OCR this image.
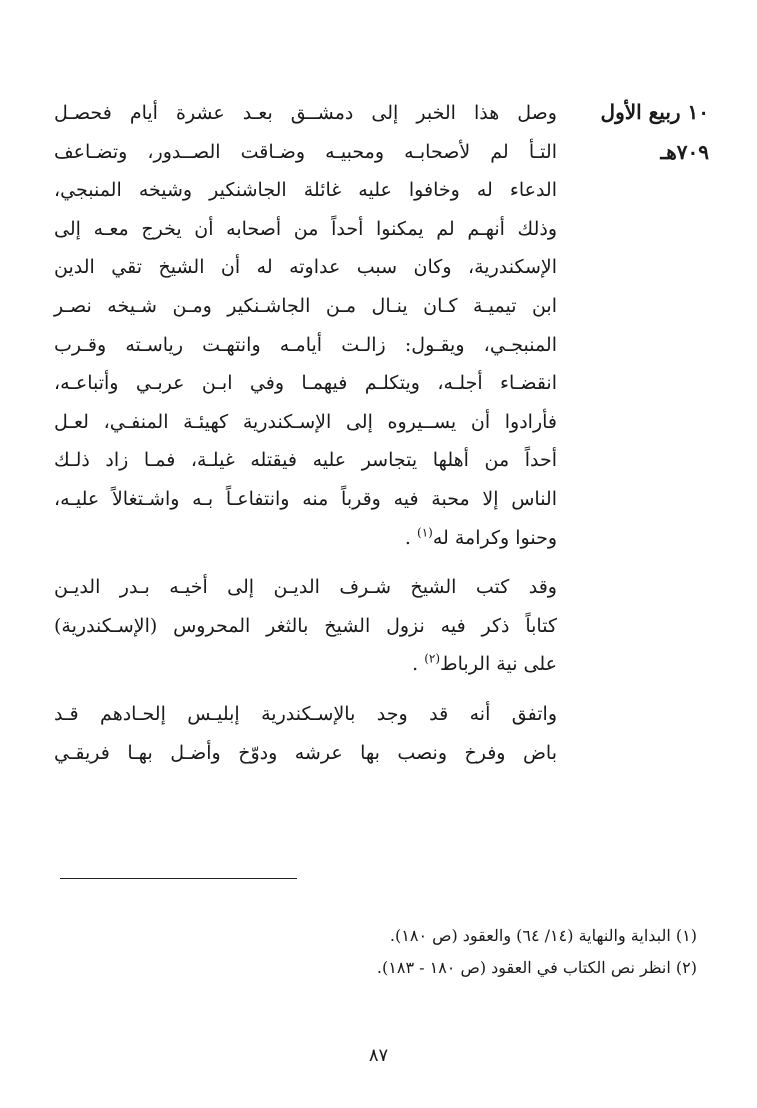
١٠ ربيع الأول
٧٠٩هـ
وصل هذا الخبر إلى دمشــق بعـد عشرة أيام فحصـل
التـأ لم لأصحابـه ومحبيـه وضـاقت الصــدور، وتضـاعف
الدعاء له وخافوا عليه غائلة الجاشنكير وشيخه المنبجي،
وذلك أنهـم لم يمكنوا أحداً من أصحابه أن يخرج معـه إلى
الإسكندرية، وكان سبب عداوته له أن الشيخ تقي الدين
ابن تيميـة كـان ينـال مـن الجاشـنكير ومـن شـيخه نصـر
المنبجـي، ويقـول: زالـت أيامـه وانتهـت رياسـته وقـرب
انقضـاء أجلـه، ويتكلـم فيهمـا وفي ابـن عربـي وأتباعـه،
فأرادوا أن يســيروه إلى الإسـكندرية كهيئـة المنفـي، لعـل
أحداً من أهلها يتجاسر عليه فيقتله غيلـة، فمـا زاد ذلـك
الناس إلا محبة فيه وقرباً منه وانتفاعـاً بـه واشـتغالاً عليـه،
وحنوا وكرامة له$^{(١)}$ .
وقد كتب الشيخ شـرف الديـن إلى أخيـه بـدر الديـن
كتاباً ذكر فيه نزول الشيخ بالثغر المحروس (الإسـكندرية)
على نية الرباط$^{(٢)}$ .
واتفق أنه قد وجد بالإسـكندرية إبليـس إلحـادهم قـد
باض وفرخ ونصب بها عرشه ودوّخ وأضـل بهـا فريقـي
(١) البداية والنهاية (١٤/ ٦٤) والعقود (ص ١٨٠).
(٢) انظر نص الكتاب في العقود (ص ١٨٠ - ١٨٣).
٨٧
